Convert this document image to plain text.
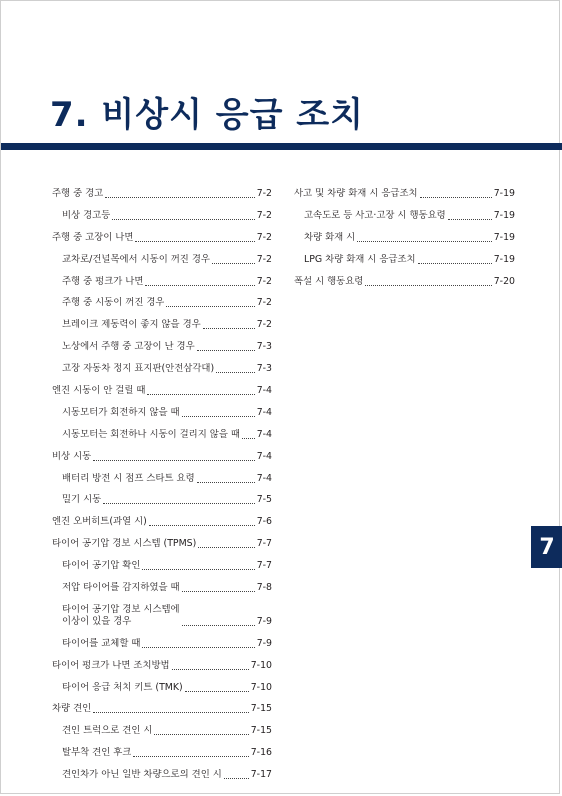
7. 비상시 응급 조치
주행 중 경고	7-2
비상 경고등	7-2
주행 중 고장이 나면	7-2
교차로/건널목에서 시동이 꺼진 경우	7-2
주행 중 펑크가 나면	7-2
주행 중 시동이 꺼진 경우	7-2
브레이크 제동력이 좋지 않을 경우	7-2
노상에서 주행 중 고장이 난 경우	7-3
고장 자동차 정지 표지판(안전삼각대)	7-3
엔진 시동이 안 걸릴 때	7-4
시동모터가 회전하지 않을 때	7-4
시동모터는 회전하나 시동이 걸리지 않을 때 7-4
비상 시동	7-4
배터리 방전 시 점프 스타트 요령	7-4
밀기 시동	7-5
엔진 오버히트(과열 시)	7-6
타이어 공기압 경보 시스템 (TPMS)	7-7
타이어 공기압 확인	7-7
저압 타이어를 감지하였을 때	7-8
타이어 공기압 경보 시스템에
이상이 있을 경우	7-9
타이어를 교체할 때	7-9
타이어 펑크가 나면 조치방법	7-10
타이어 응급 처치 키트 (TMK)	7-10
차량 견인	7-15
견인 트럭으로 견인 시	7-15
탈부착 견인 후크	7-16
견인차가 아닌 일반 차량으로의 견인 시	7-17
사고 및 차량 화재 시 응급조치	7-19
고속도로 등 사고·고장 시 행동요령	7-19
차량 화재 시	7-19
LPG 차량 화재 시 응급조치	7-19
폭설 시 행동요령	7-20
7
